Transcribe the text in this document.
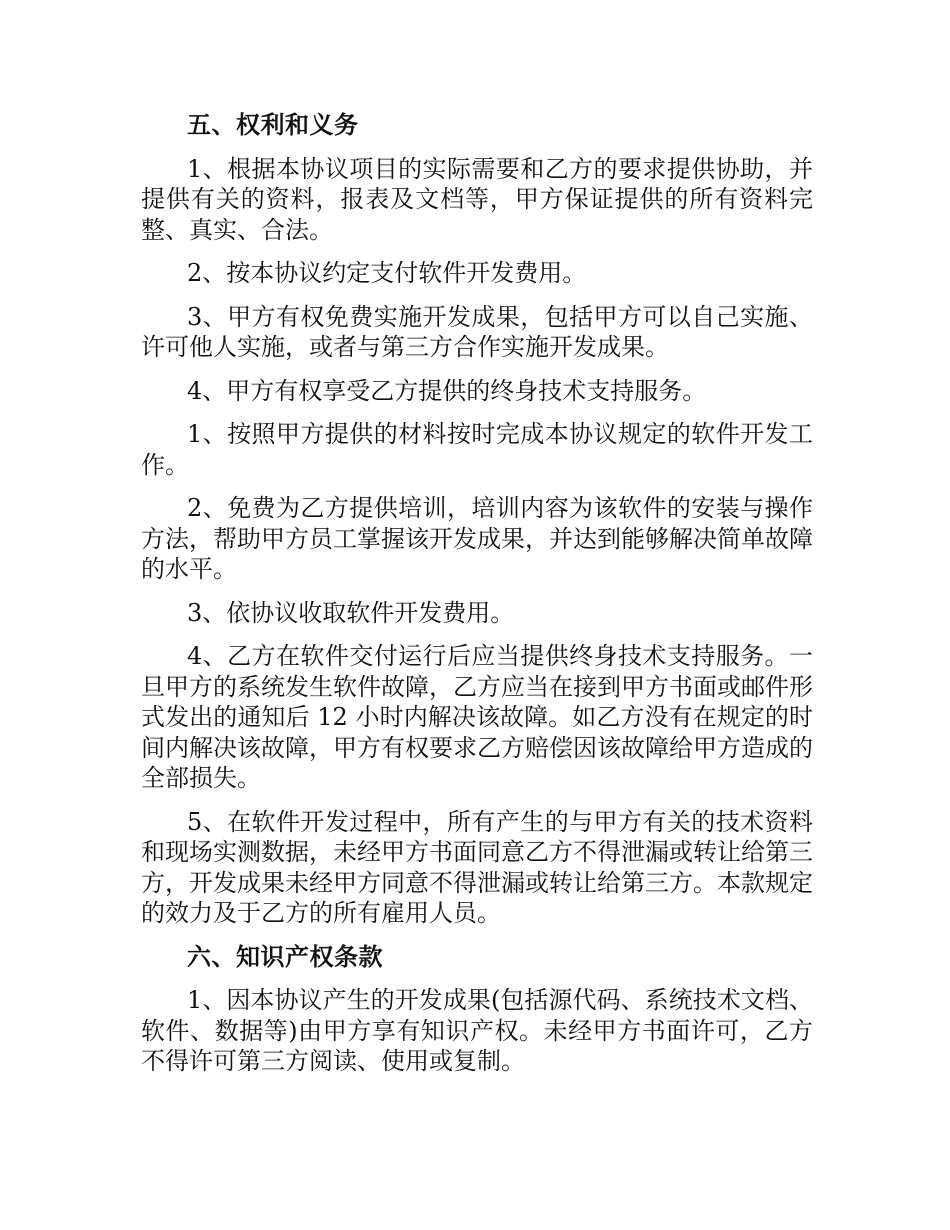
五、权利和义务
1、根据本协议项目的实际需要和乙方的要求提供协助，并提供有关的资料，报表及文档等，甲方保证提供的所有资料完整、真实、合法。
2、按本协议约定支付软件开发费用。
3、甲方有权免费实施开发成果，包括甲方可以自己实施、许可他人实施，或者与第三方合作实施开发成果。
4、甲方有权享受乙方提供的终身技术支持服务。
1、按照甲方提供的材料按时完成本协议规定的软件开发工作。
2、免费为乙方提供培训，培训内容为该软件的安装与操作方法，帮助甲方员工掌握该开发成果，并达到能够解决简单故障的水平。
3、依协议收取软件开发费用。
4、乙方在软件交付运行后应当提供终身技术支持服务。一旦甲方的系统发生软件故障，乙方应当在接到甲方书面或邮件形式发出的通知后 12 小时内解决该故障。如乙方没有在规定的时间内解决该故障，甲方有权要求乙方赔偿因该故障给甲方造成的全部损失。
5、在软件开发过程中，所有产生的与甲方有关的技术资料和现场实测数据，未经甲方书面同意乙方不得泄漏或转让给第三方，开发成果未经甲方同意不得泄漏或转让给第三方。本款规定的效力及于乙方的所有雇用人员。
六、知识产权条款
1、因本协议产生的开发成果(包括源代码、系统技术文档、软件、数据等)由甲方享有知识产权。未经甲方书面许可，乙方不得许可第三方阅读、使用或复制。
